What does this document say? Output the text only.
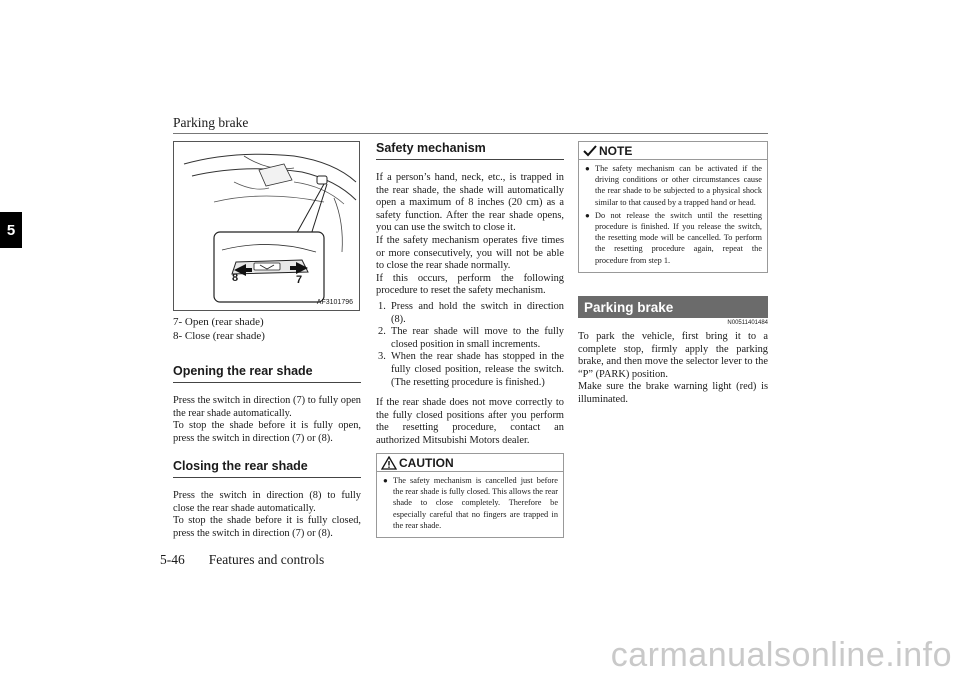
Parking brake
5
8	7
AF3101796
7- Open (rear shade)
8- Close (rear shade)
Opening the rear shade
Press the switch in direction (7) to fully open the rear shade automatically.
To stop the shade before it is fully open, press the switch in direction (7) or (8).
Closing the rear shade
Press the switch in direction (8) to fully close the rear shade automatically.
To stop the shade before it is fully closed, press the switch in direction (7) or (8).
Safety mechanism
If a person’s hand, neck, etc., is trapped in the rear shade, the shade will automatically open a maximum of 8 inches (20 cm) as a safety function. After the rear shade opens, you can use the switch to close it.
If the safety mechanism operates five times or more consecutively, you will not be able to close the rear shade normally.
If this occurs, perform the following procedure to reset the safety mechanism.
1. Press and hold the switch in direction (8).
2. The rear shade will move to the fully closed position in small increments.
3. When the rear shade has stopped in the fully closed position, release the switch. (The resetting procedure is finished.)
If the rear shade does not move correctly to the fully closed positions after you perform the resetting procedure, contact an authorized Mitsubishi Motors dealer.
CAUTION
● The safety mechanism is cancelled just before the rear shade is fully closed. This allows the rear shade to close completely. Therefore be especially careful that no fingers are trapped in the rear shade.
NOTE
● The safety mechanism can be activated if the driving conditions or other circumstances cause the rear shade to be subjected to a physical shock similar to that caused by a trapped hand or head.
● Do not release the switch until the resetting procedure is finished. If you release the switch, the resetting mode will be cancelled. To perform the resetting procedure again, repeat the procedure from step 1.
Parking brake
N00511401484
To park the vehicle, first bring it to a complete stop, firmly apply the parking brake, and then move the selector lever to the “P” (PARK) position.
Make sure the brake warning light (red) is illuminated.
5-46 Features and controls
carmanualsonline.info
